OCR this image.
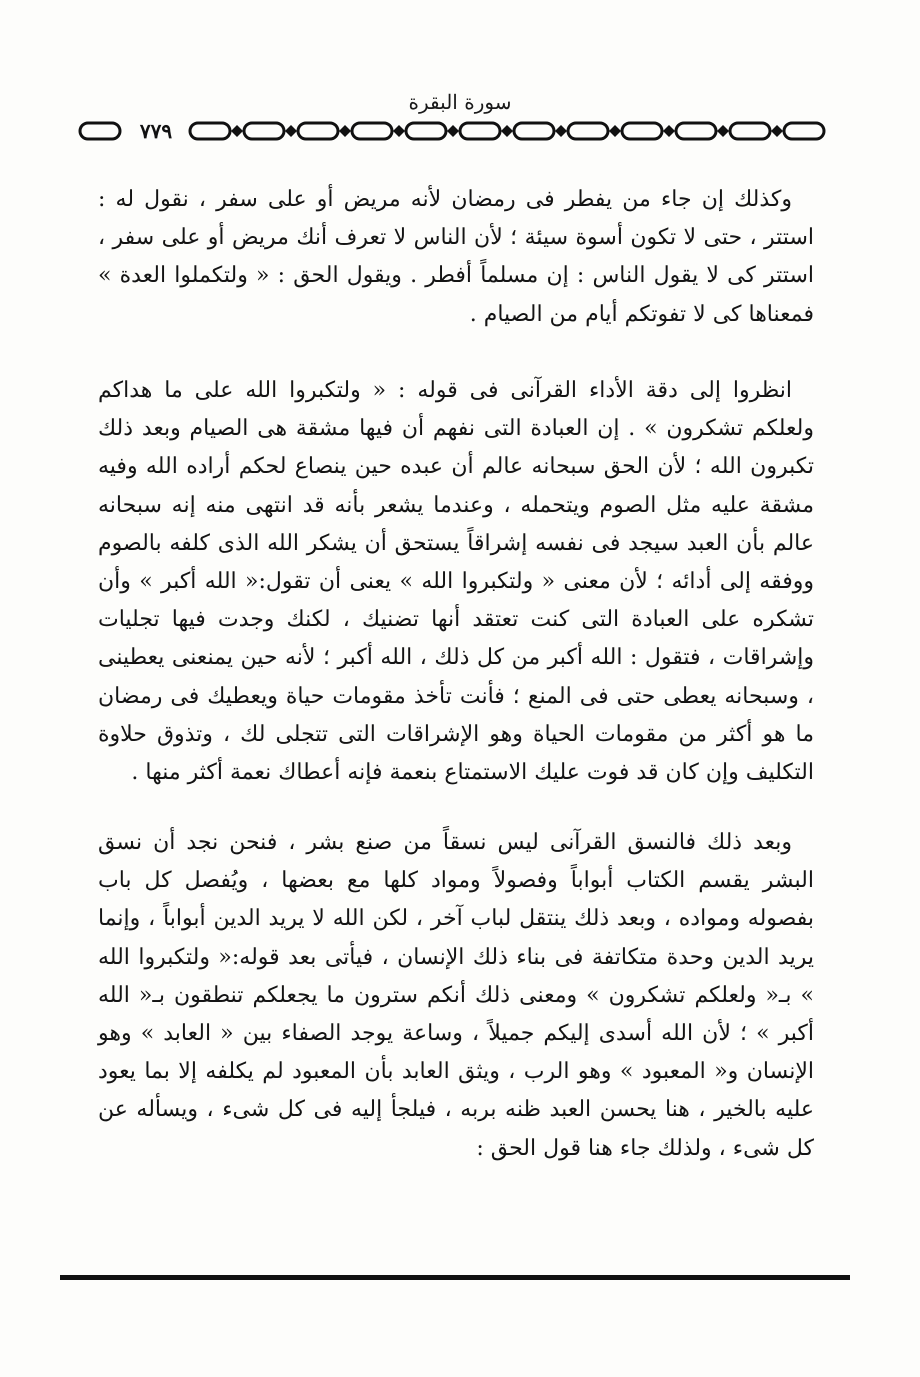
سورة البقرة
٧٧٩

وكذلك إن جاء من يفطر فى رمضان لأنه مريض أو على سفر ، نقول له : استتر ، حتى لا تكون أسوة سيئة ؛ لأن الناس لا تعرف أنك مريض أو على سفر ، استتر كى لا يقول الناس : إن مسلماً أفطر . ويقول الحق : « ولتكملوا العدة » فمعناها كى لا تفوتكم أيام من الصيام .

انظروا إلى دقة الأداء القرآنى فى قوله : « ولتكبروا الله على ما هداكم ولعلكم تشكرون » . إن العبادة التى نفهم أن فيها مشقة هى الصيام وبعد ذلك تكبرون الله ؛ لأن الحق سبحانه عالم أن عبده حين ينصاع لحكم أراده الله وفيه مشقة عليه مثل الصوم ويتحمله ، وعندما يشعر بأنه قد انتهى منه إنه سبحانه عالم بأن العبد سيجد فى نفسه إشراقاً يستحق أن يشكر الله الذى كلفه بالصوم ووفقه إلى أدائه ؛ لأن معنى « ولتكبروا الله » يعنى أن تقول:« الله أكبر » وأن تشكره على العبادة التى كنت تعتقد أنها تضنيك ، لكنك وجدت فيها تجليات وإشراقات ، فتقول : الله أكبر من كل ذلك ، الله أكبر ؛ لأنه حين يمنعنى يعطينى ، وسبحانه يعطى حتى فى المنع ؛ فأنت تأخذ مقومات حياة ويعطيك فى رمضان ما هو أكثر من مقومات الحياة وهو الإشراقات التى تتجلى لك ، وتذوق حلاوة التكليف وإن كان قد فوت عليك الاستمتاع بنعمة فإنه أعطاك نعمة أكثر منها .

وبعد ذلك فالنسق القرآنى ليس نسقاً من صنع بشر ، فنحن نجد أن نسق البشر يقسم الكتاب أبواباً وفصولاً ومواد كلها مع بعضها ، ويُفصل كل باب بفصوله ومواده ، وبعد ذلك ينتقل لباب آخر ، لكن الله لا يريد الدين أبواباً ، وإنما يريد الدين وحدة متكاتفة فى بناء ذلك الإنسان ، فيأتى بعد قوله:« ولتكبروا الله » بـ« ولعلكم تشكرون » ومعنى ذلك أنكم سترون ما يجعلكم تنطقون بـ« الله أكبر » ؛ لأن الله أسدى إليكم جميلاً ، وساعة يوجد الصفاء بين « العابد » وهو الإنسان و« المعبود » وهو الرب ، ويثق العابد بأن المعبود لم يكلفه إلا بما يعود عليه بالخير ، هنا يحسن العبد ظنه بربه ، فيلجأ إليه فى كل شىء ، ويسأله عن كل شىء ، ولذلك جاء هنا قول الحق :
